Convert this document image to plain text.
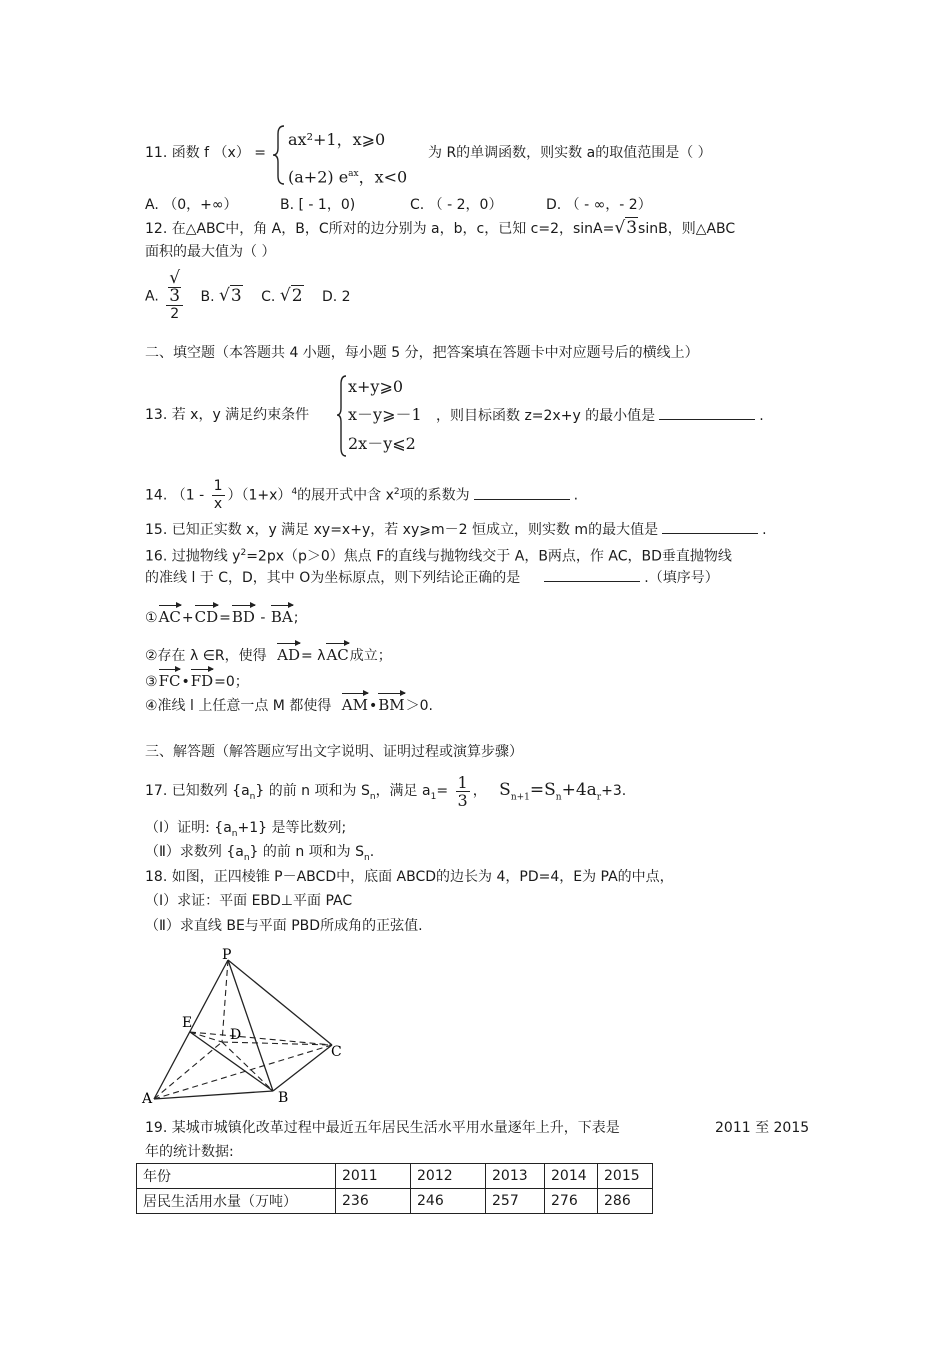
11. 函数 f （x） =
ax²+1，x⩾0
(a+2) $e^{ax}$，x<0
为 R的单调函数，则实数 a的取值范围是（ ）
A. （0，+∞）	B. [ - 1，0)	C. （ - 2，0）	D. （ - ∞，- 2）
12. 在△ABC中，角 A，B，C所对的边分别为 a，b，c，已知 c=2，sinA=√3sinB，则△ABC
面积的最大值为（ ）
A. √
3
2 B. √3 C. √2 D. 2
二、填空题（本答题共 4 小题，每小题 5 分，把答案填在答题卡中对应题号后的横线上）
13. 若 x，y 满足约束条件
x+y⩾0
x－y⩾－1
2x－y⩽2
，则目标函数 z=2x+y 的最小值是	.
14. $(1 - \frac{1}{x} )(1+x)^4$的展开式中含 $x^2$项的系数为	.
15. 已知正实数 x，y 满足 xy=x+y，若 xy⩾m－2 恒成立，则实数 m的最大值是	.
16. 过抛物线 $y^2=2px(p>0)$焦点 F的直线与抛物线交于 A，B两点，作 AC，BD垂直抛物线
的准线 l 于 C，D，其中 O为坐标原点，则下列结论正确的是	.（填序号）
①AC+CD=BD - BA;
②存在 λ ∈R，使得 AD= λAC成立；
③FC•FD=0；
④准线 l 上任意一点 M 都使得 AM•BM＞0.
三、解答题（解答题应写出文字说明、证明过程或演算步骤）
17. 已知数列 $\{a_n\}$ 的前 n 项和为 $S_n$，满足 $a_1= \frac{1}{3}$ ， $S_{n+1}=S_n+4a_r+3$.
（Ⅰ）证明: $\{a_n+1\}$ 是等比数列;
（Ⅱ）求数列 $\{a_n\}$ 的前 n 项和为 $S_n$.
18. 如图，正四棱锥 P－ABCD中，底面 ABCD的边长为 4，PD=4，E为 PA的中点，
（Ⅰ）求证：平面 EBD⊥平面 PAC
（Ⅱ）求直线 BE与平面 PBD所成角的正弦值.
P
E
D
C
A	B
19. 某城市城镇化改革过程中最近五年居民生活水平用水量逐年上升，下表是	2011 至 2015
年的统计数据:
年份	2011	2012	2013	2014	2015
居民生活用水量（万吨）	236	246	257	276	286
